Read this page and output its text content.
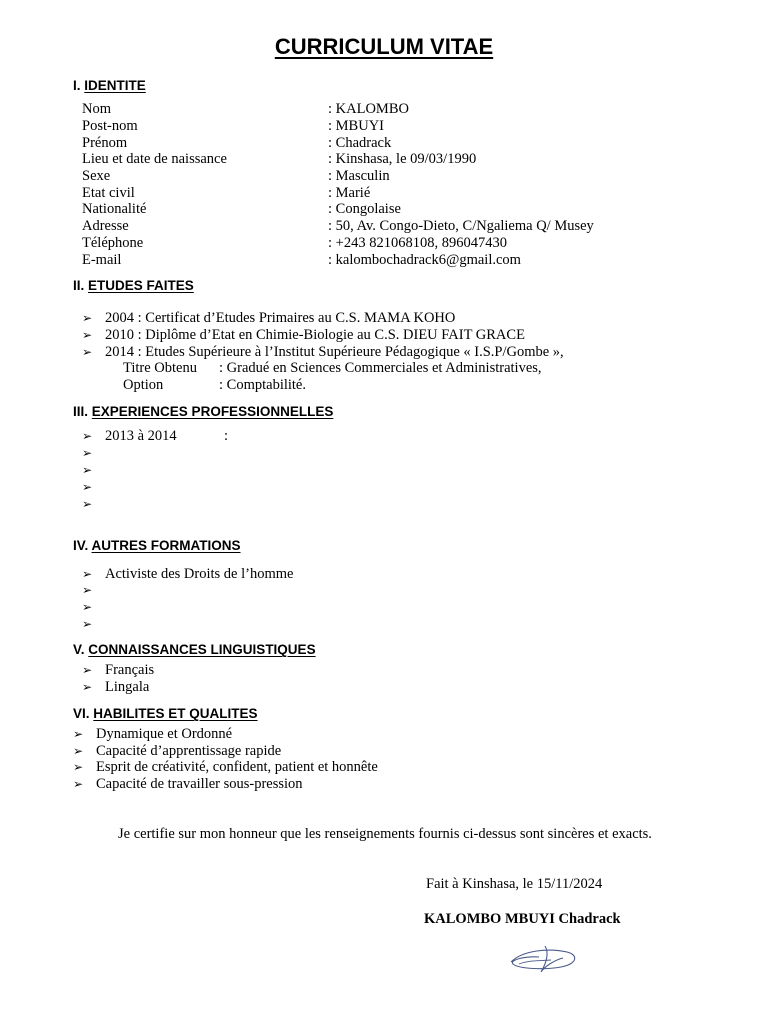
CURRICULUM VITAE
I. IDENTITE
Nom	: KALOMBO
Post-nom	: MBUYI
Prénom	: Chadrack
Lieu et date de naissance	: Kinshasa, le 09/03/1990
Sexe	: Masculin
Etat civil	: Marié
Nationalité	: Congolaise
Adresse	: 50, Av. Congo-Dieto, C/Ngaliema Q/ Musey
Téléphone	: +243 821068108, 896047430
E-mail	: kalombochadrack6@gmail.com
II. ETUDES FAITES
➢ 2004 : Certificat d’Etudes Primaires au C.S. MAMA KOHO
➢ 2010 : Diplôme d’Etat en Chimie-Biologie au C.S. DIEU FAIT GRACE
➢ 2014 : Etudes Supérieure à l’Institut Supérieure Pédagogique « I.S.P/Gombe »,
Titre Obtenu : Gradué en Sciences Commerciales et Administratives,
Option	: Comptabilité.
III. EXPERIENCES PROFESSIONNELLES
➢ 2013 à 2014	:
➢
➢
➢
➢
IV. AUTRES FORMATIONS
➢ Activiste des Droits de l’homme
➢
➢
➢
V. CONNAISSANCES LINGUISTIQUES
➢ Français
➢ Lingala
VI. HABILITES ET QUALITES
➢ Dynamique et Ordonné
➢ Capacité d’apprentissage rapide
➢ Esprit de créativité, confident, patient et honnête
➢ Capacité de travailler sous-pression
Je certifie sur mon honneur que les renseignements fournis ci-dessus sont sincères et exacts.
Fait à Kinshasa, le 15/11/2024
KALOMBO MBUYI Chadrack
